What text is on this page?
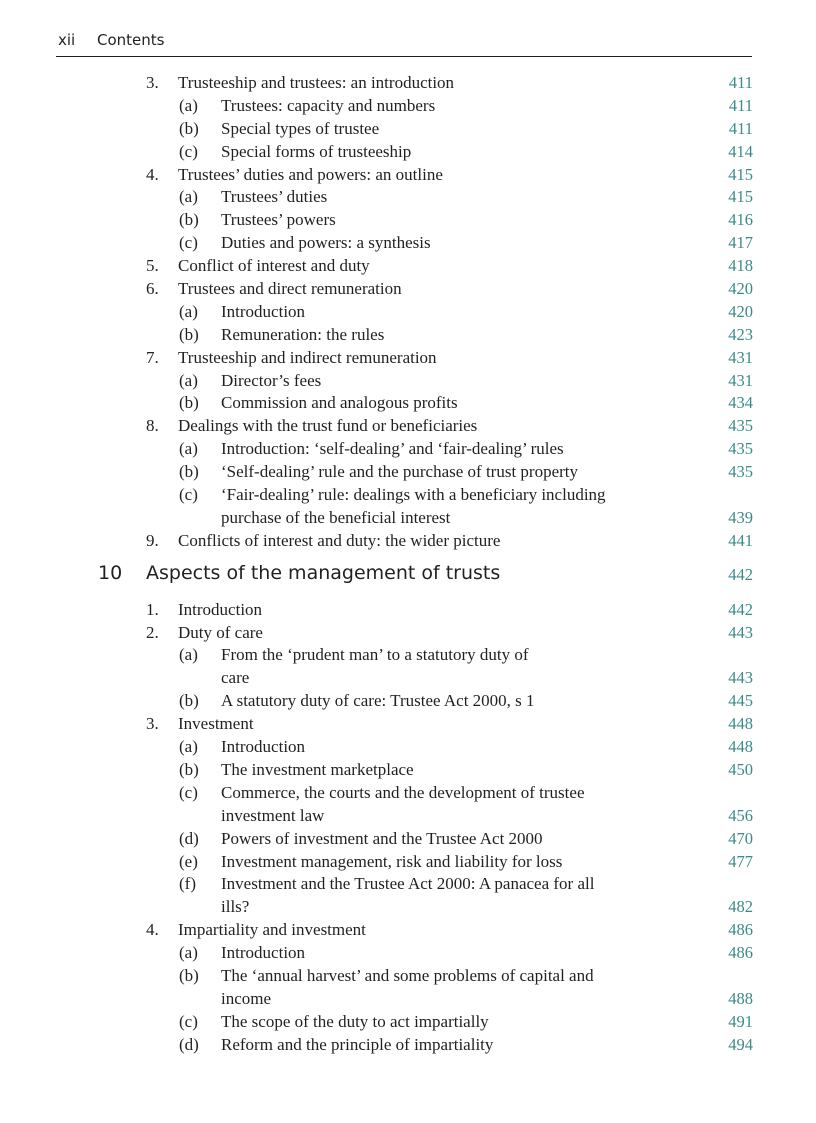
xii Contents
3. Trusteeship and trustees: an introduction	411
(a) Trustees: capacity and numbers	411
(b) Special types of trustee	411
(c) Special forms of trusteeship	414
4. Trustees’ duties and powers: an outline	415
(a) Trustees’ duties	415
(b) Trustees’ powers	416
(c) Duties and powers: a synthesis	417
5. Conflict of interest and duty	418
6. Trustees and direct remuneration	420
(a) Introduction	420
(b) Remuneration: the rules	423
7. Trusteeship and indirect remuneration	431
(a) Director’s fees	431
(b) Commission and analogous profits	434
8. Dealings with the trust fund or beneficiaries	435
(a) Introduction: ‘self-dealing’ and ‘fair-dealing’ rules	435
(b) ‘Self-dealing’ rule and the purchase of trust property	435
(c) ‘Fair-dealing’ rule: dealings with a beneficiary including
purchase of the beneficial interest	439
9. Conflicts of interest and duty: the wider picture	441
10 Aspects of the management of trusts	442
1. Introduction	442
2. Duty of care	443
(a) From the ‘prudent man’ to a statutory duty of
care	443
(b) A statutory duty of care: Trustee Act 2000, s 1	445
3. Investment	448
(a) Introduction	448
(b) The investment marketplace	450
(c) Commerce, the courts and the development of trustee
investment law	456
(d) Powers of investment and the Trustee Act 2000	470
(e) Investment management, risk and liability for loss	477
(f) Investment and the Trustee Act 2000: A panacea for all
ills?	482
4. Impartiality and investment	486
(a) Introduction	486
(b) The ‘annual harvest’ and some problems of capital and
income	488
(c) The scope of the duty to act impartially	491
(d) Reform and the principle of impartiality	494
